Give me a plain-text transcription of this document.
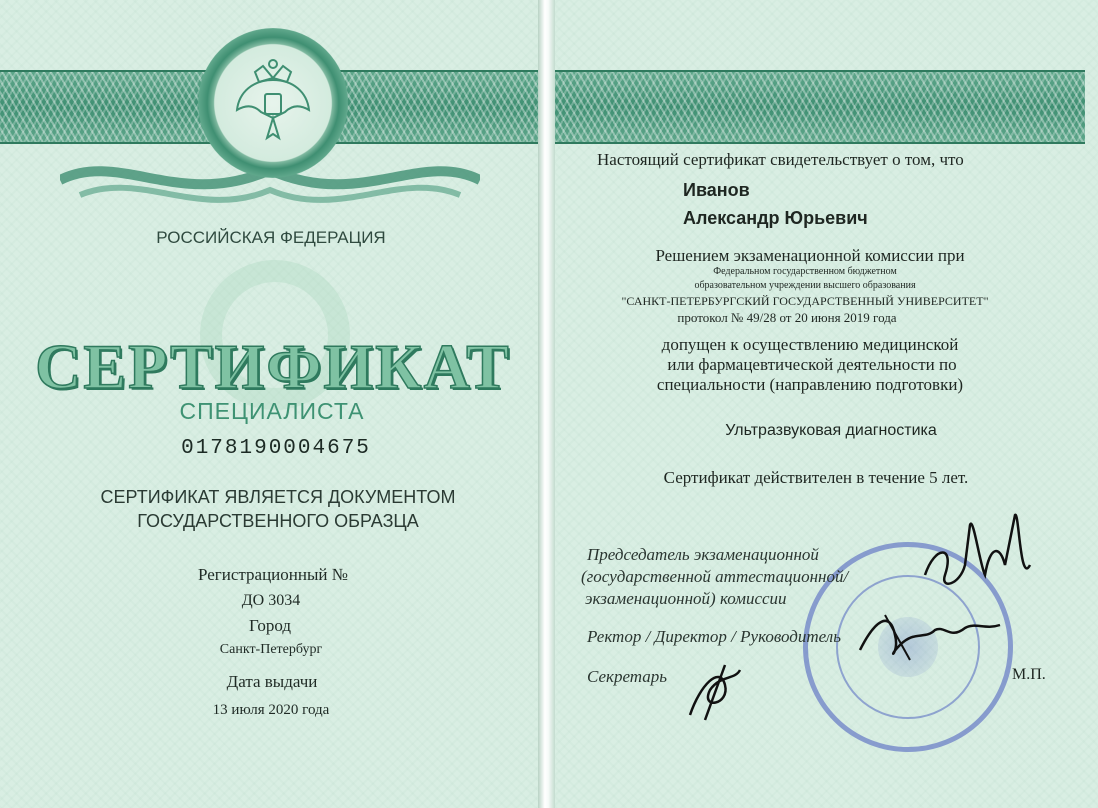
РОССИЙСКАЯ ФЕДЕРАЦИЯ
СЕРТИФИКАТ
СПЕЦИАЛИСТА
0178190004675
СЕРТИФИКАТ ЯВЛЯЕТСЯ ДОКУМЕНТОМ
ГОСУДАРСТВЕННОГО ОБРАЗЦА
Регистрационный №
ДО 3034
Город
Санкт-Петербург
Дата выдачи
13 июля 2020 года
Настоящий сертификат свидетельствует о том, что
Иванов
Александр Юрьевич
Решением экзаменационной комиссии при
Федеральном государственном бюджетном
образовательном учреждении высшего образования
"САНКТ-ПЕТЕРБУРГСКИЙ ГОСУДАРСТВЕННЫЙ УНИВЕРСИТЕТ"
протокол № 49/28 от 20 июня 2019 года
допущен к осуществлению медицинской
или фармацевтической деятельности по
специальности (направлению подготовки)
Ультразвуковая диагностика
Сертификат действителен в течение 5 лет.
Председатель экзаменационной
(государственной аттестационной/
экзаменационной) комиссии
Ректор / Директор / Руководитель
Секретарь	М.П.
